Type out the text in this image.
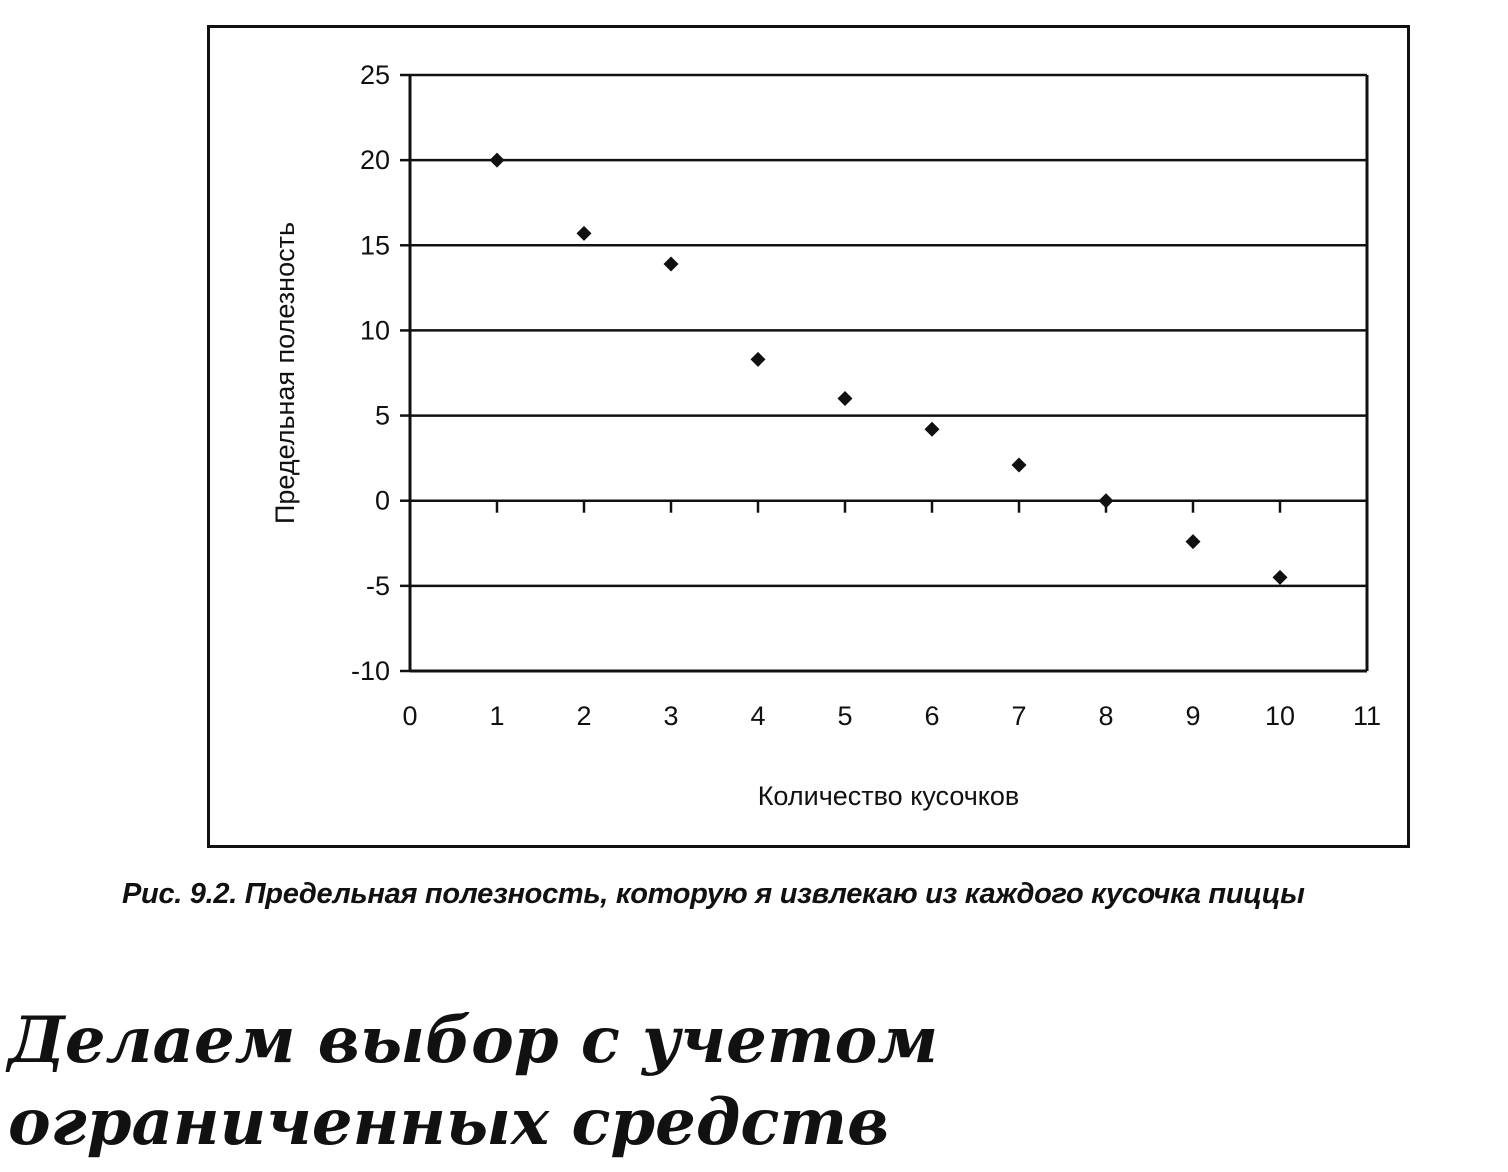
-10
-5
0
5
10
15
20
25
0	1	2	3	4	5	6	7	8	9 10 11
Количество кусочков
Предельная полезность
Рис. 9.2. Предельная полезность, которую я извлекаю из каждого кусочка пиццы
Делаем выбор с учетом
ограниченных средств
